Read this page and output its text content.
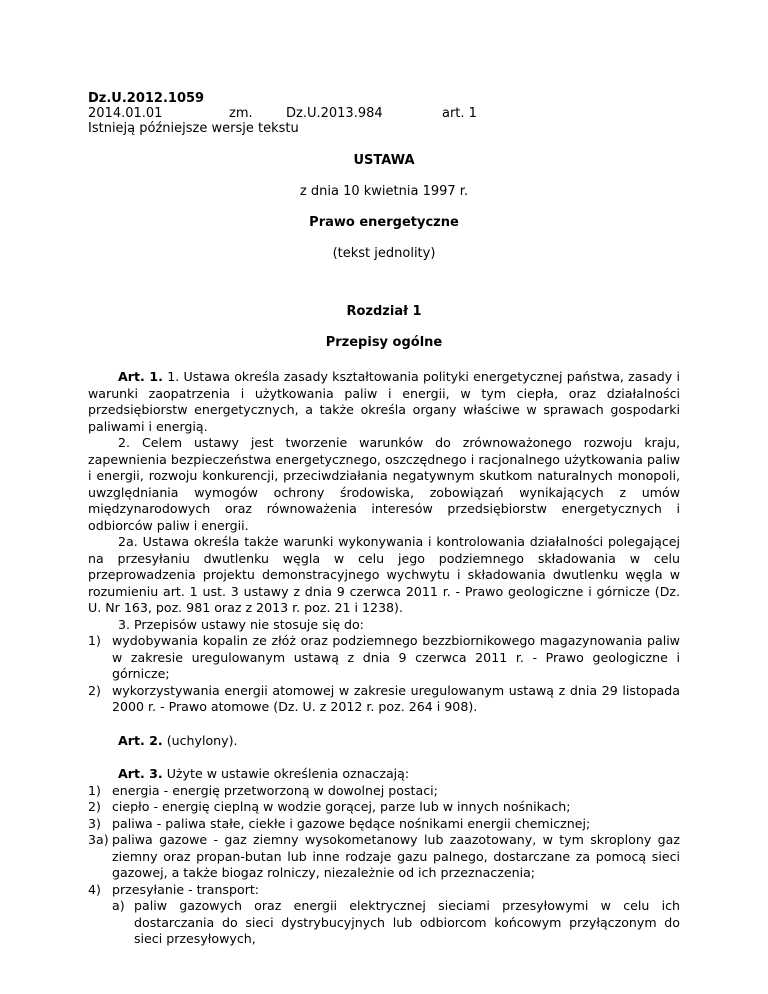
Dz.U.2012.1059
2014.01.01	zm.	Dz.U.2013.984	art. 1
Istnieją późniejsze wersje tekstu
USTAWA
z dnia 10 kwietnia 1997 r.
Prawo energetyczne
(tekst jednolity)
Rozdział 1
Przepisy ogólne

Art. 1. 1. Ustawa określa zasady kształtowania polityki energetycznej państwa, zasady i warunki zaopatrzenia i użytkowania paliw i energii, w tym ciepła, oraz działalności przedsiębiorstw energetycznych, a także określa organy właściwe w sprawach gospodarki paliwami i energią.

2. Celem ustawy jest tworzenie warunków do zrównoważonego rozwoju kraju, zapewnienia bezpieczeństwa energetycznego, oszczędnego i racjonalnego użytkowania paliw i energii, rozwoju konkurencji, przeciwdziałania negatywnym skutkom naturalnych monopoli, uwzględniania wymogów ochrony środowiska, zobowiązań wynikających z umów międzynarodowych oraz równoważenia interesów przedsiębiorstw energetycznych i odbiorców paliw i energii.

2a. Ustawa określa także warunki wykonywania i kontrolowania działalności polegającej na przesyłaniu dwutlenku węgla w celu jego podziemnego składowania w celu przeprowadzenia projektu demonstracyjnego wychwytu i składowania dwutlenku węgla w rozumieniu art. 1 ust. 3 ustawy z dnia 9 czerwca 2011 r. - Prawo geologiczne i górnicze (Dz. U. Nr 163, poz. 981 oraz z 2013 r. poz. 21 i 1238).

3. Przepisów ustawy nie stosuje się do:

1) wydobywania kopalin ze złóż oraz podziemnego bezzbiornikowego magazynowania paliw w zakresie uregulowanym ustawą z dnia 9 czerwca 2011 r. - Prawo geologiczne i górnicze;

2) wykorzystywania energii atomowej w zakresie uregulowanym ustawą z dnia 29 listopada 2000 r. - Prawo atomowe (Dz. U. z 2012 r. poz. 264 i 908).

Art. 2. (uchylony).

Art. 3. Użyte w ustawie określenia oznaczają:

1) energia - energię przetworzoną w dowolnej postaci;

2) ciepło - energię cieplną w wodzie gorącej, parze lub w innych nośnikach;

3) paliwa - paliwa stałe, ciekłe i gazowe będące nośnikami energii chemicznej;

3a) paliwa gazowe - gaz ziemny wysokometanowy lub zaazotowany, w tym skroplony gaz ziemny oraz propan-butan lub inne rodzaje gazu palnego, dostarczane za pomocą sieci gazowej, a także biogaz rolniczy, niezależnie od ich przeznaczenia;

4) przesyłanie - transport:

a) paliw gazowych oraz energii elektrycznej sieciami przesyłowymi w celu ich dostarczania do sieci dystrybucyjnych lub odbiorcom końcowym przyłączonym do sieci przesyłowych,
